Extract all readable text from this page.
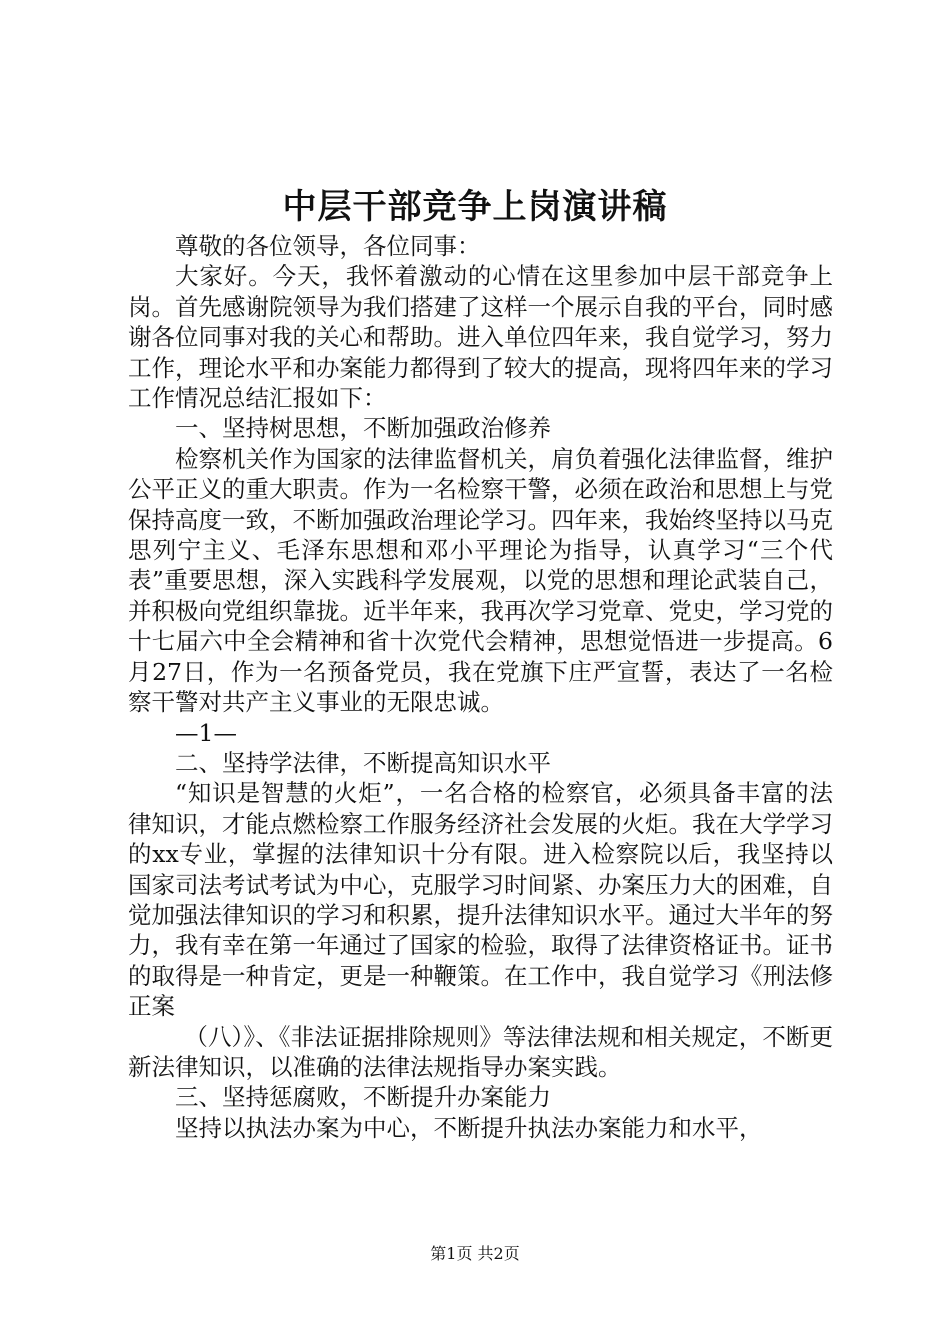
中层干部竞争上岗演讲稿

尊敬的各位领导，各位同事：

大家好。今天，我怀着激动的心情在这里参加中层干部竞争上岗。首先感谢院领导为我们搭建了这样一个展示自我的平台，同时感谢各位同事对我的关心和帮助。进入单位四年来，我自觉学习，努力工作，理论水平和办案能力都得到了较大的提高，现将四年来的学习工作情况总结汇报如下：

一、坚持树思想，不断加强政治修养

检察机关作为国家的法律监督机关，肩负着强化法律监督，维护公平正义的重大职责。作为一名检察干警，必须在政治和思想上与党保持高度一致，不断加强政治理论学习。四年来，我始终坚持以马克思列宁主义、毛泽东思想和邓小平理论为指导，认真学习“三个代表”重要思想，深入实践科学发展观，以党的思想和理论武装自己，并积极向党组织靠拢。近半年来，我再次学习党章、党史，学习党的十七届六中全会精神和省十次党代会精神，思想觉悟进一步提高。6月27日，作为一名预备党员，我在党旗下庄严宣誓，表达了一名检察干警对共产主义事业的无限忠诚。

—1—

二、坚持学法律，不断提高知识水平

“知识是智慧的火炬”，一名合格的检察官，必须具备丰富的法律知识，才能点燃检察工作服务经济社会发展的火炬。我在大学学习的xx专业，掌握的法律知识十分有限。进入检察院以后，我坚持以国家司法考试考试为中心，克服学习时间紧、办案压力大的困难，自觉加强法律知识的学习和积累，提升法律知识水平。通过大半年的努力，我有幸在第一年通过了国家的检验，取得了法律资格证书。证书的取得是一种肯定，更是一种鞭策。在工作中，我自觉学习《刑法修正案

（八）》、《非法证据排除规则》等法律法规和相关规定，不断更新法律知识，以准确的法律法规指导办案实践。

三、坚持惩腐败，不断提升办案能力

坚持以执法办案为中心，不断提升执法办案能力和水平，

第1页 共2页
